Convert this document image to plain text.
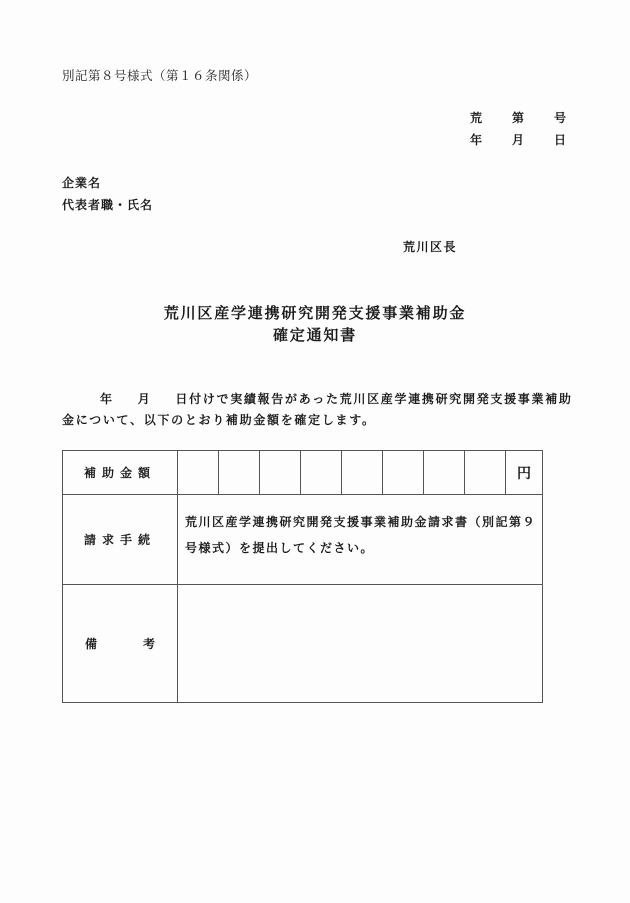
別記第８号様式（第１６条関係）
荒	第	号
年	月	日
企業名
代表者職・氏名
荒川区長
荒川区産学連携研究開発支援事業補助金
確定通知書
年 月 日付けで実績報告があった荒川区産学連携研究開発支援事業補助
金について、以下のとおり補助金額を確定します。
補助金額									円
請求手続	荒川区産学連携研究開発支援事業補助金請求書（別記第９号様式）を提出してください。								
備 考									
